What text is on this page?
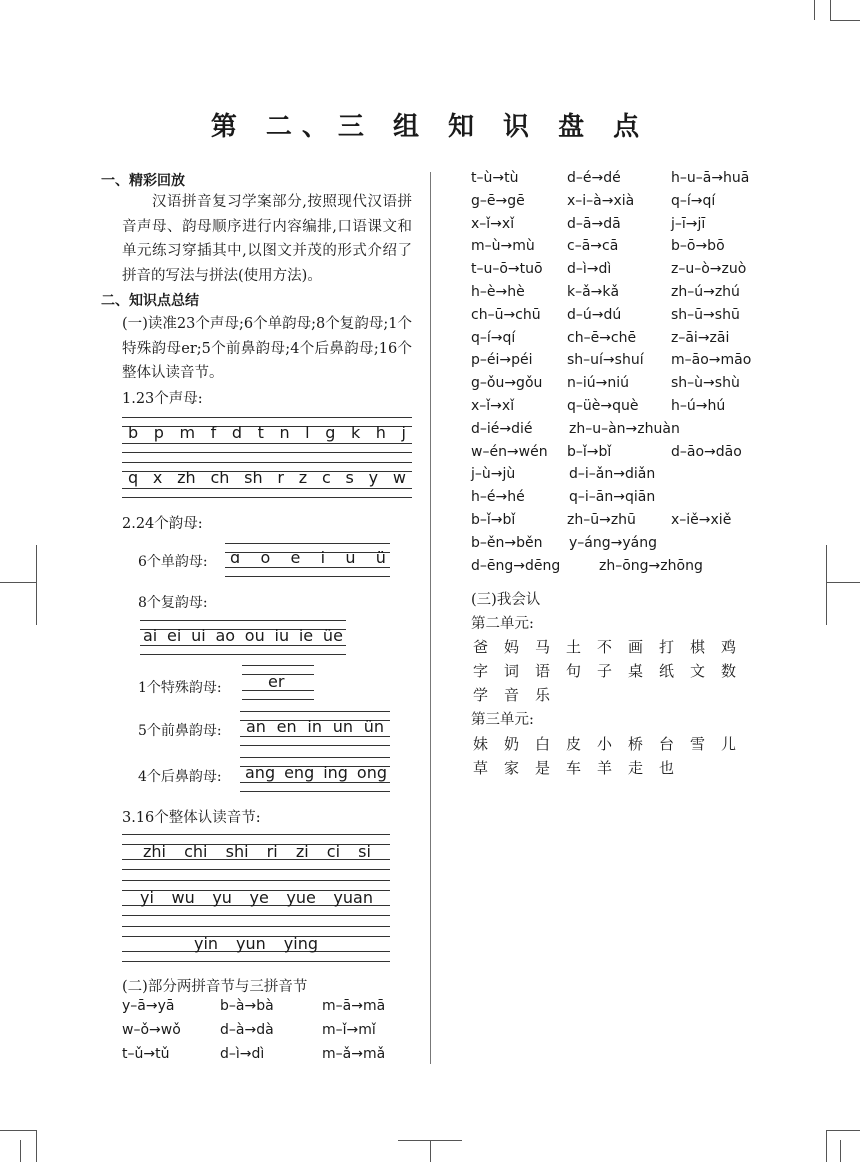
第 二、三 组 知 识 盘 点
一、精彩回放
汉语拼音复习学案部分,按照现代汉语拼音声母、韵母顺序进行内容编排,口语课文和单元练习穿插其中,以图文并茂的形式介绍了拼音的写法与拼法(使用方法)。
二、知识点总结
(一)读准23个声母;6个单韵母;8个复韵母;1个特殊韵母er;5个前鼻韵母;4个后鼻韵母;16个整体认读音节。
1.23个声母:
b p m f d t n l g k h j
q x zh ch sh r z c s y w
2.24个韵母:
6个单韵母: ɑ o e i u ü
8个复韵母:
ai ei ui ao ou iu ie üe
1个特殊韵母:	er
5个前鼻韵母: an en in un ün
4个后鼻韵母: ang eng ing ong
3.16个整体认读音节:
zhi chi shi ri zi ci si
yi wu yu ye yue yuan
yin yun ying
(二)部分两拼音节与三拼音节
y–ā→yā	b–à→bà	m–ā→mā
w–ǒ→wǒ	d–à→dà	m–ǐ→mǐ
t–ǔ→tǔ	d–ì→dì	m–ǎ→mǎ
t–ù→tù	d–é→dé	h–u–ā→huā
g–ē→gē	x–i–à→xià	q–í→qí
x–ǐ→xǐ	d–ā→dā	j–ī→jī
m–ù→mù c–ā→cā	b–ō→bō
t–u–ō→tuō d–ì→dì	z–u–ò→zuò
h–è→hè	k–ǎ→kǎ	zh–ú→zhú
ch–ū→chū d–ú→dú	sh–ū→shū
q–í→qí	ch–ē→chē z–āi→zāi
p–éi→péi sh–uí→shuí m–āo→māo
g–ǒu→gǒu n–iú→niú	sh–ù→shù
x–ǐ→xǐ	q–üè→què h–ú→hú
d–ié→dié	zh–u–àn→zhuàn
w–én→wén b–ǐ→bǐ	d–āo→dāo
j–ù→jù	d–i–ǎn→diǎn
h–é→hé	q–i–ān→qiān
b–ǐ→bǐ	zh–ū→zhū	x–iě→xiě
b–ěn→běn y–áng→yáng
d–ēng→dēng	zh–ōng→zhōng
(三)我会认
第二单元:
爸 妈 马 土 不 画 打 棋 鸡
字 词 语 句 子 桌 纸 文 数
学 音 乐
第三单元:
妹 奶 白 皮 小 桥 台 雪 儿
草 家 是 车 羊 走 也
